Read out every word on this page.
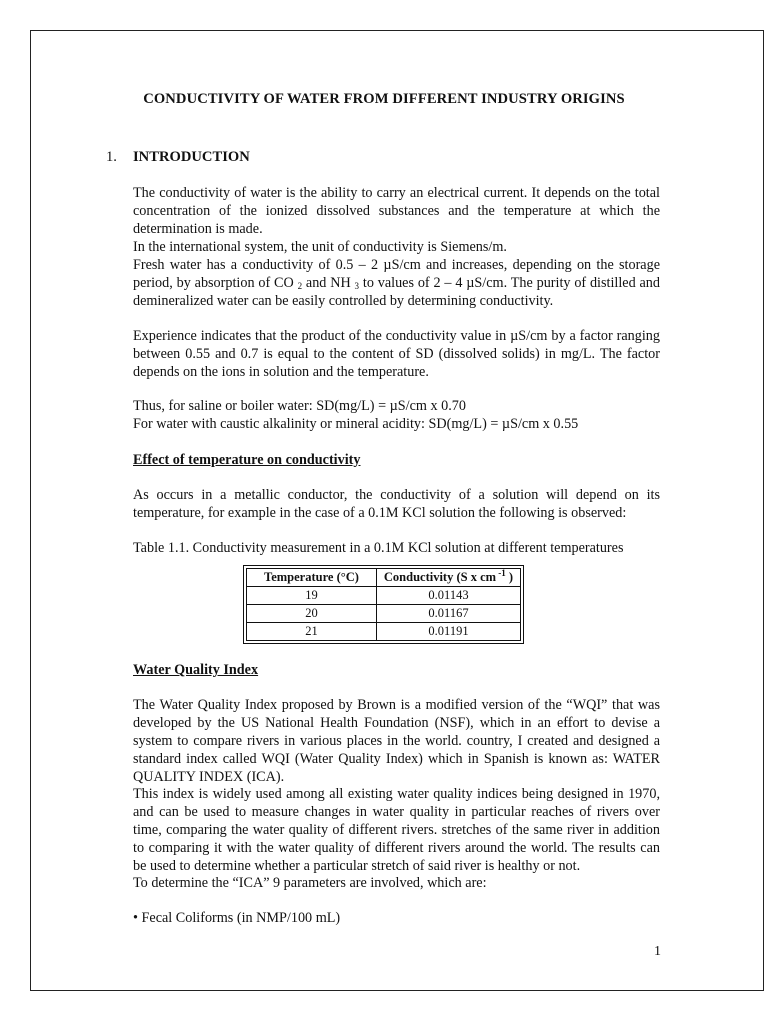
CONDUCTIVITY OF WATER FROM DIFFERENT INDUSTRY ORIGINS
1. INTRODUCTION
The conductivity of water is the ability to carry an electrical current. It depends on the total concentration of the ionized dissolved substances and the temperature at which the determination is made.
In the international system, the unit of conductivity is Siemens/m.
Fresh water has a conductivity of 0.5 – 2 µS/cm and increases, depending on the storage period, by absorption of CO $_2$ and NH $_3$ to values of 2 – 4 µS/cm. The purity of distilled and demineralized water can be easily controlled by determining conductivity.
Experience indicates that the product of the conductivity value in µS/cm by a factor ranging between 0.55 and 0.7 is equal to the content of SD (dissolved solids) in mg/L. The factor depends on the ions in solution and the temperature.
Thus, for saline or boiler water: SD(mg/L) = µS/cm x 0.70
For water with caustic alkalinity or mineral acidity: SD(mg/L) = µS/cm x 0.55
Effect of temperature on conductivity
As occurs in a metallic conductor, the conductivity of a solution will depend on its temperature, for example in the case of a 0.1M KCl solution the following is observed:
Table 1.1. Conductivity measurement in a 0.1M KCl solution at different temperatures
Temperature (°C)	Conductivity (S x cm $^{-1}$ )
19	0.01143
20	0.01167
21	0.01191
Water Quality Index
The Water Quality Index proposed by Brown is a modified version of the “WQI” that was developed by the US National Health Foundation (NSF), which in an effort to devise a system to compare rivers in various places in the world. country, I created and designed a standard index called WQI (Water Quality Index) which in Spanish is known as: WATER QUALITY INDEX (ICA).
This index is widely used among all existing water quality indices being designed in 1970, and can be used to measure changes in water quality in particular reaches of rivers over time, comparing the water quality of different rivers. stretches of the same river in addition to comparing it with the water quality of different rivers around the world. The results can be used to determine whether a particular stretch of said river is healthy or not.
To determine the “ICA” 9 parameters are involved, which are:
• Fecal Coliforms (in NMP/100 mL)
1
